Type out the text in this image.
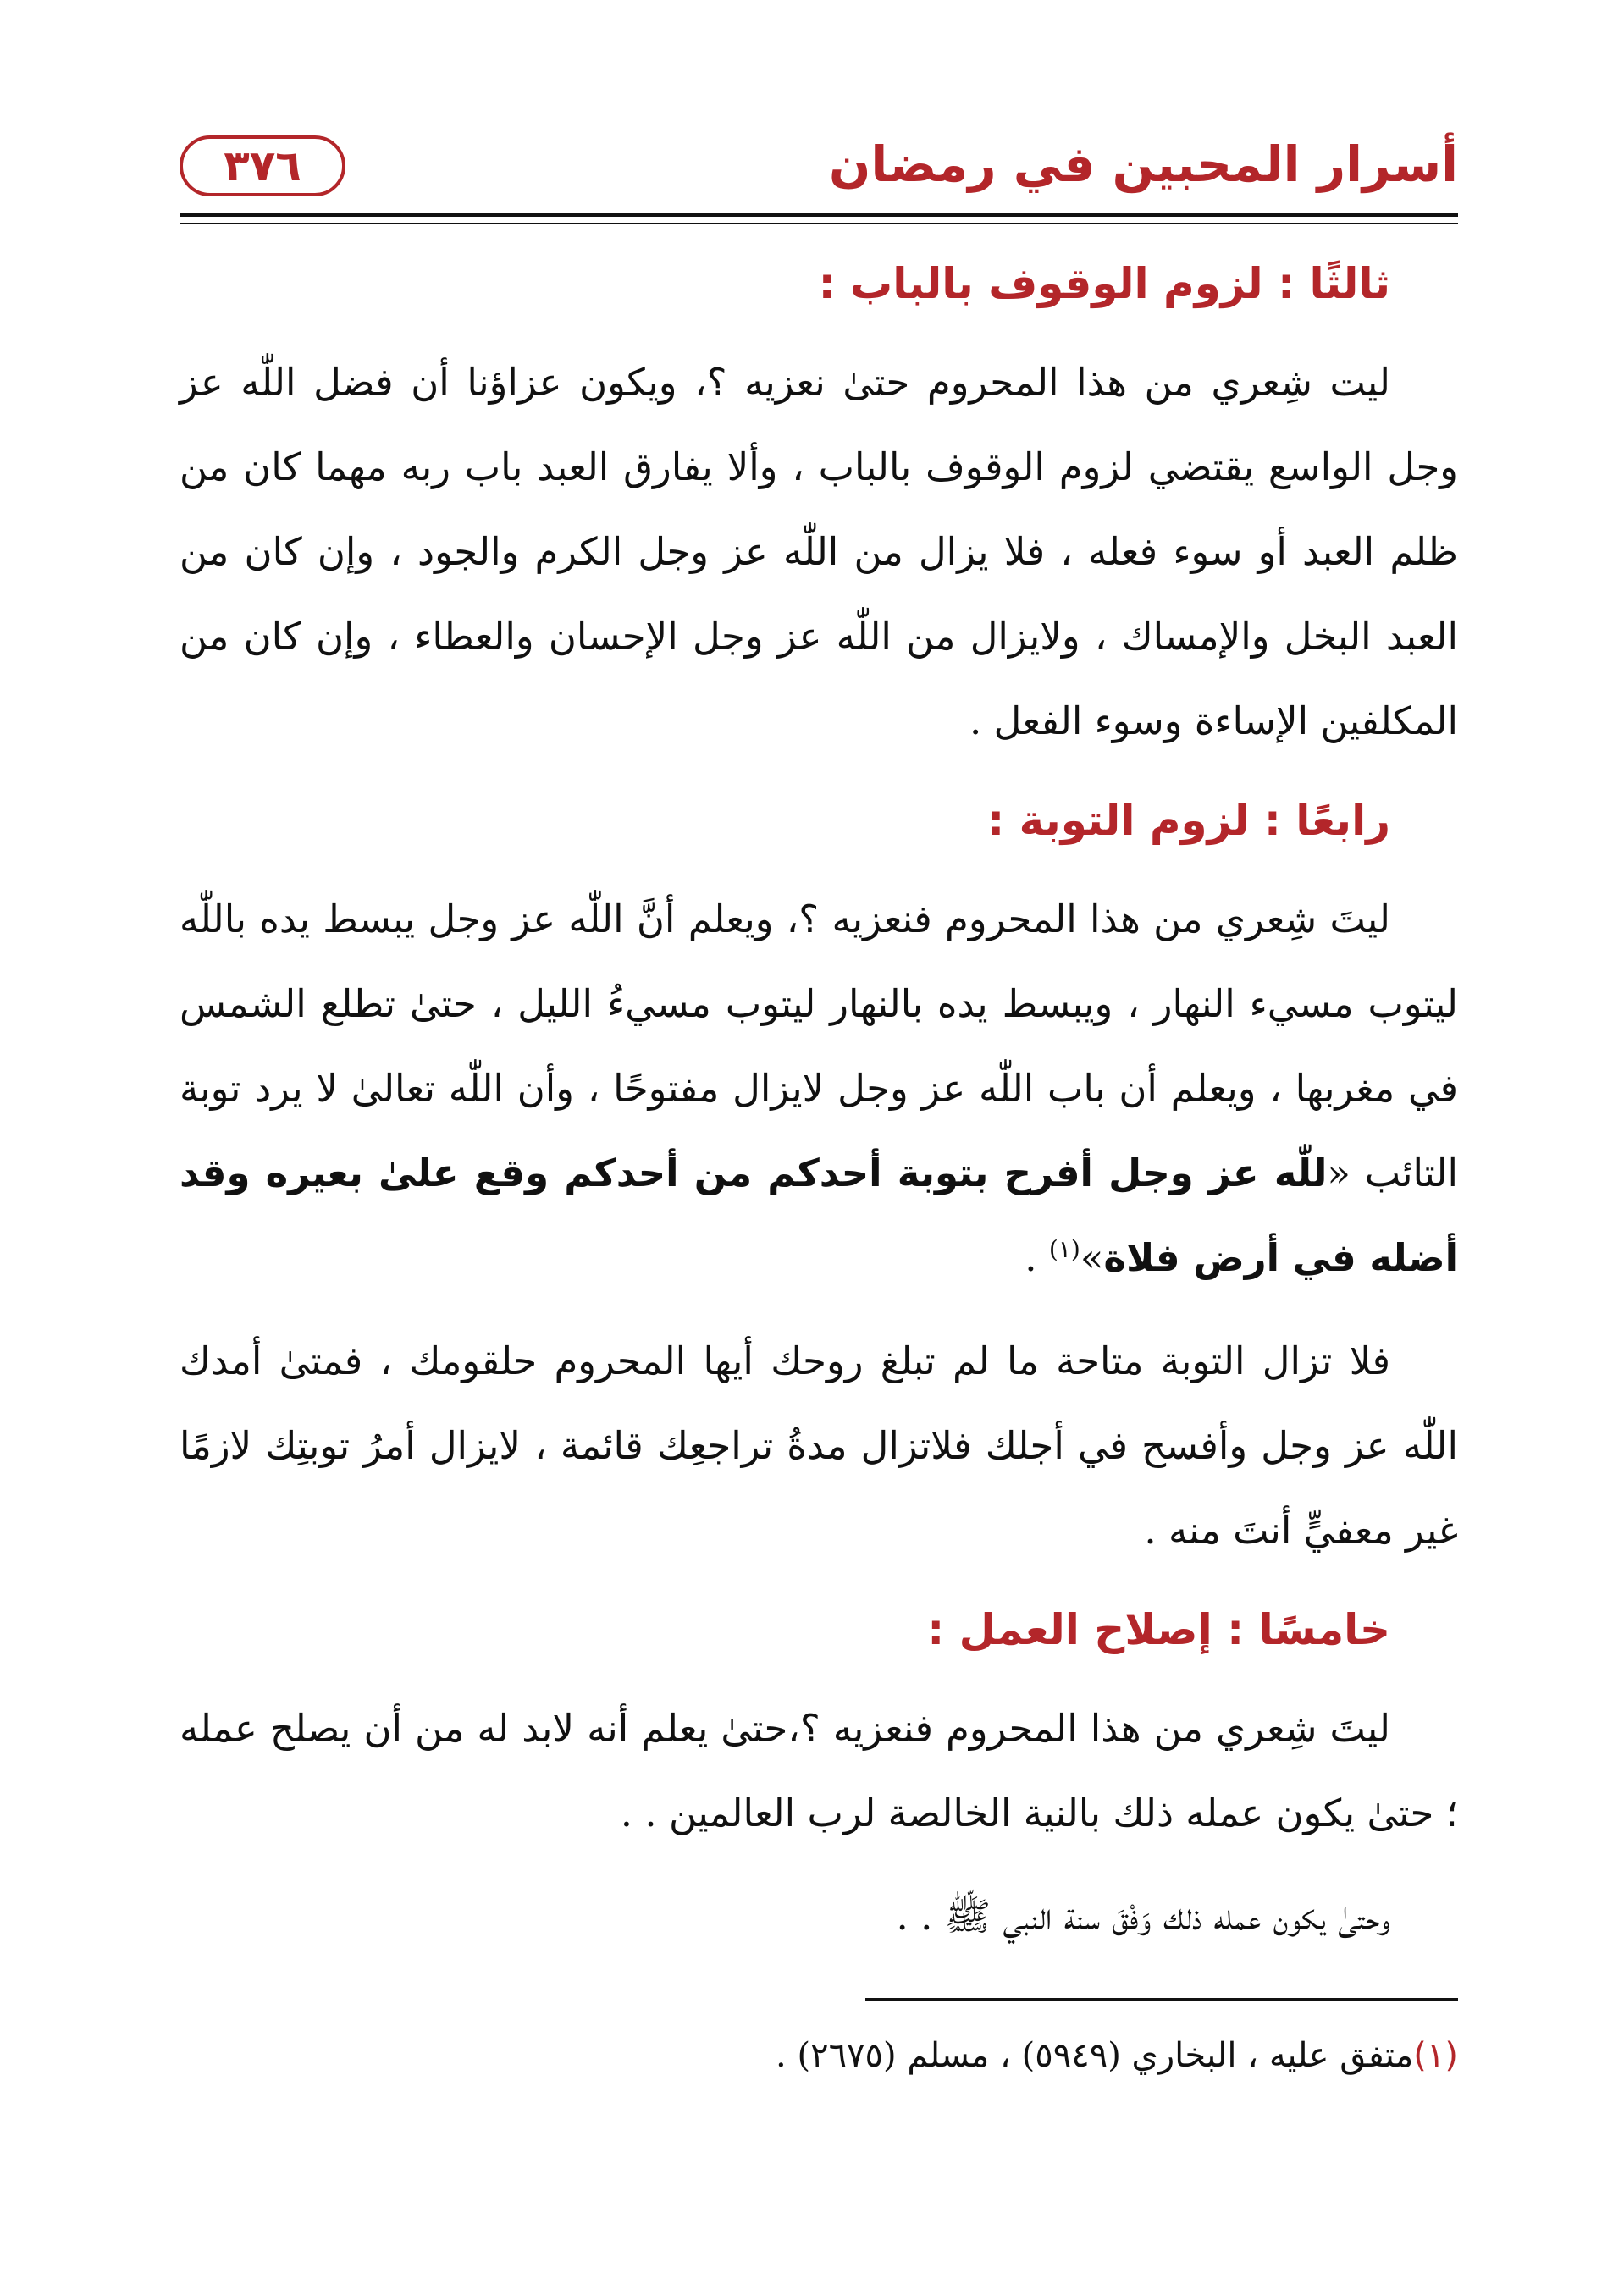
٣٧٦	أسرار المحبين في رمضان
ثالثًا : لزوم الوقوف بالباب :

ليت شِعري من هذا المحروم حتىٰ نعزيه ؟، ويكون عزاؤنا أن فضل اللّٰه عز وجل الواسع يقتضي لزوم الوقوف بالباب ، وألا يفارق العبد باب ربه مهما كان من ظلم العبد أو سوء فعله ، فلا يزال من اللّٰه عز وجل الكرم والجود ، وإن كان من العبد البخل والإمساك ، ولايزال من اللّٰه عز وجل الإحسان والعطاء ، وإن كان من المكلفين الإساءة وسوء الفعل .

رابعًا : لزوم التوبة :

ليتَ شِعري من هذا المحروم فنعزيه ؟، ويعلم أنَّ اللّٰه عز وجل يبسط يده باللّٰه ليتوب مسيء النهار ، ويبسط يده بالنهار ليتوب مسيءُ الليل ، حتىٰ تطلع الشمس في مغربها ، ويعلم أن باب اللّٰه عز وجل لايزال مفتوحًا ، وأن اللّٰه تعالىٰ لا يرد توبة التائب «للّٰه عز وجل أفرح بتوبة أحدكم من أحدكم وقع علىٰ بعيره وقد أضله في أرض فلاة»$^{(١)}$ .

فلا تزال التوبة متاحة ما لم تبلغ روحك أيها المحروم حلقومك ، فمتىٰ أمدك اللّٰه عز وجل وأفسح في أجلك فلاتزال مدةُ تراجعِك قائمة ، لايزال أمرُ توبتِك لازمًا غير معفيٍّ أنتَ منه .

خامسًا : إصلاح العمل :

ليتَ شِعري من هذا المحروم فنعزيه ؟،حتىٰ يعلم أنه لابد له من أن يصلح عمله ؛ حتىٰ يكون عمله ذلك بالنية الخالصة لرب العالمين . .

وحتىٰ يكون عمله ذلك وَفْقَ سنة النبي ﷺ . .

(١)متفق عليه ، البخاري (٥٩٤٩) ، مسلم (٢٦٧٥) .
